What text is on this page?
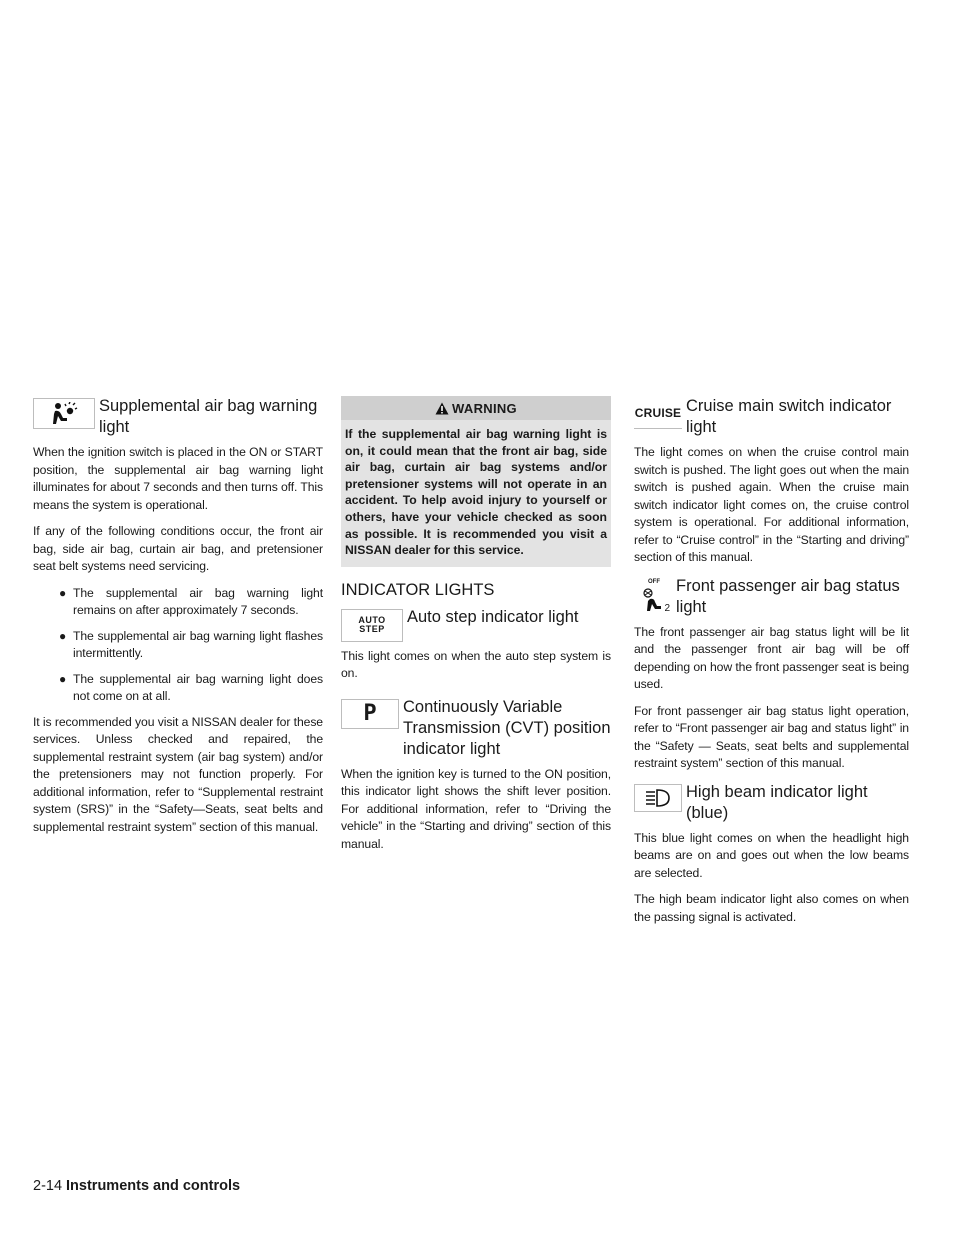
Supplemental air bag warning light

When the ignition switch is placed in the ON or START position, the supplemental air bag warning light illuminates for about 7 seconds and then turns off. This means the system is operational.

If any of the following conditions occur, the front air bag, side air bag, curtain air bag, and pretensioner seat belt systems need servicing.

● The supplemental air bag warning light remains on after approximately 7 seconds.
● The supplemental air bag warning light flashes intermittently.
● The supplemental air bag warning light does not come on at all.

It is recommended you visit a NISSAN dealer for these services. Unless checked and repaired, the supplemental restraint system (air bag system) and/or the pretensioners may not function properly. For additional information, refer to “Supplemental restraint system (SRS)” in the “Safety—Seats, seat belts and supplemental restraint system” section of this manual.

WARNING
If the supplemental air bag warning light is on, it could mean that the front air bag, side air bag, curtain air bag systems and/or pretensioner systems will not operate in an accident. To help avoid injury to yourself or others, have your vehicle checked as soon as possible. It is recommended you visit a NISSAN dealer for this service.
INDICATOR LIGHTS
AUTO
STEP
Auto step indicator light

This light comes on when the auto step system is on.

P Continuously Variable Transmission (CVT) position indicator light

When the ignition key is turned to the ON position, this indicator light shows the shift lever position. For additional information, refer to “Driving the vehicle” in the “Starting and driving” section of this manual.

CRUISE Cruise main switch indicator light

The light comes on when the cruise control main switch is pushed. The light goes out when the main switch is pushed again. When the cruise main switch indicator light comes on, the cruise control system is operational. For additional information, refer to “Cruise control” in the “Starting and driving” section of this manual.

OFF
2
Front passenger air bag status light

The front passenger air bag status light will be lit and the passenger front air bag will be off depending on how the front passenger seat is being used.

For front passenger air bag status light operation, refer to “Front passenger air bag and status light” in the “Safety — Seats, seat belts and supplemental restraint system” section of this manual.

High beam indicator light (blue)

This blue light comes on when the headlight high beams are on and goes out when the low beams are selected.

The high beam indicator light also comes on when the passing signal is activated.

2-14 Instruments and controls
